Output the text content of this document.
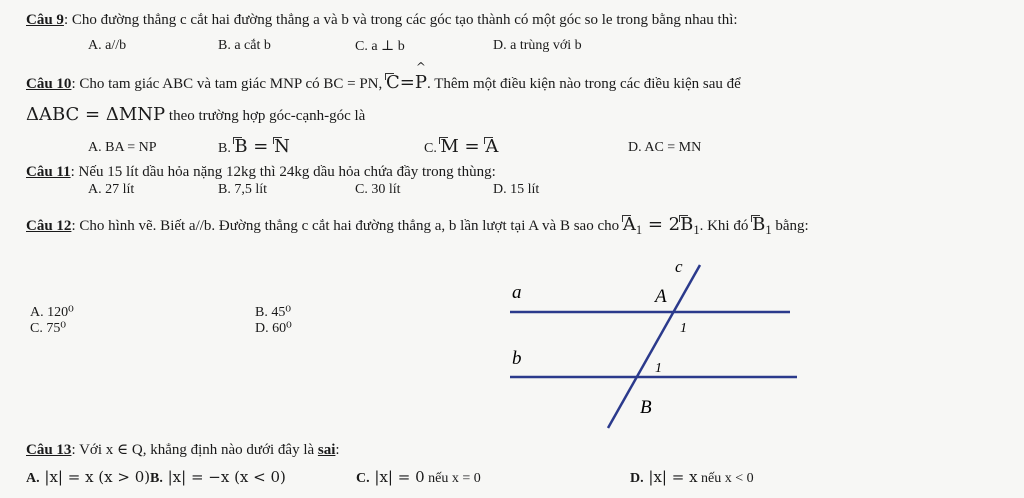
Câu 9: Cho đường thẳng c cắt hai đường thẳng a và b và trong các góc tạo thành có một góc so le trong bằng nhau thì:
A. a//b	B. a cắt b	C. a ⊥ b	D. a trùng với b
Câu 10: Cho tam giác ABC và tam giác MNP có BC = PN, C=^ P. Thêm một điều kiện nào trong các điều kiện sau để
ΔABC = ΔMNP theo trường hợp góc-cạnh-góc là
A. BA = NP	B. B = N	C. M = A	D. AC = MN
Câu 11: Nếu 15 lít dầu hỏa nặng 12kg thì 24kg dầu hỏa chứa đầy trong thùng:
A. 27 lít	B. 7,5 lít	C. 30 lít	D. 15 lít
Câu 12: Cho hình vẽ. Biết a//b. Đường thẳng c cắt hai đường thẳng a, b lần lượt tại A và B sao cho $A_1 = 2B_1$. Khi đó $B_1$ bằng:
A. 120⁰	B. 45⁰
C. 75⁰	D. 60⁰
c
a	A
1
b	1
B
Câu 13: Với x ∈ Q, khẳng định nào dưới đây là sai:
A. |x| = x (x > 0) B. |x| = −x (x < 0)	C. |x| = 0 nếu x = 0	D. |x| = x nếu x < 0
